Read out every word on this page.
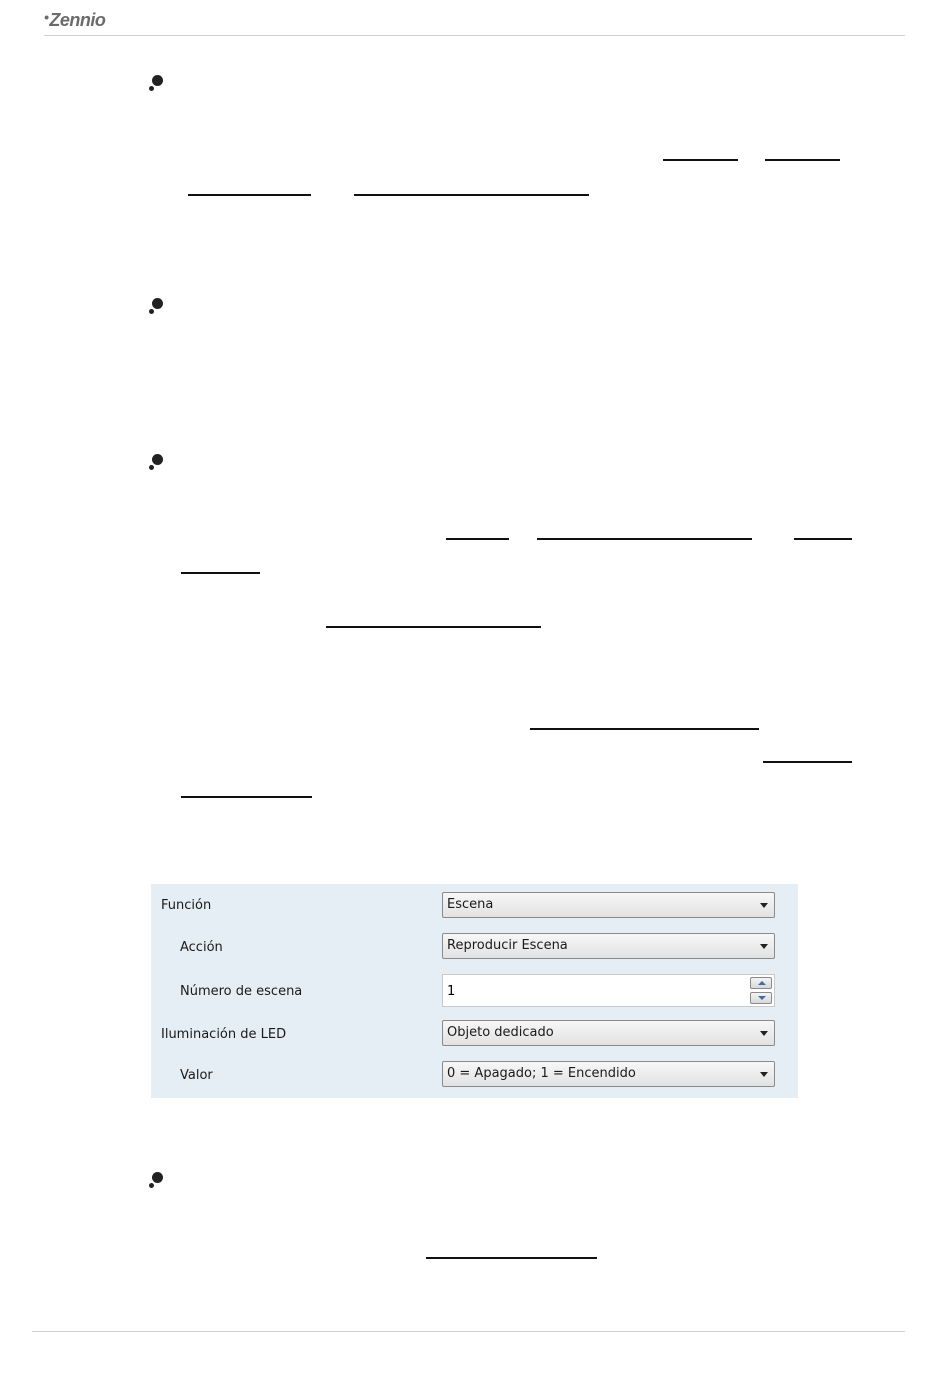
•Zennio
Función	Escena
Acción	Reproducir Escena
Número de escena	1
Iluminación de LED	Objeto dedicado
Valor	0 = Apagado; 1 = Encendido
